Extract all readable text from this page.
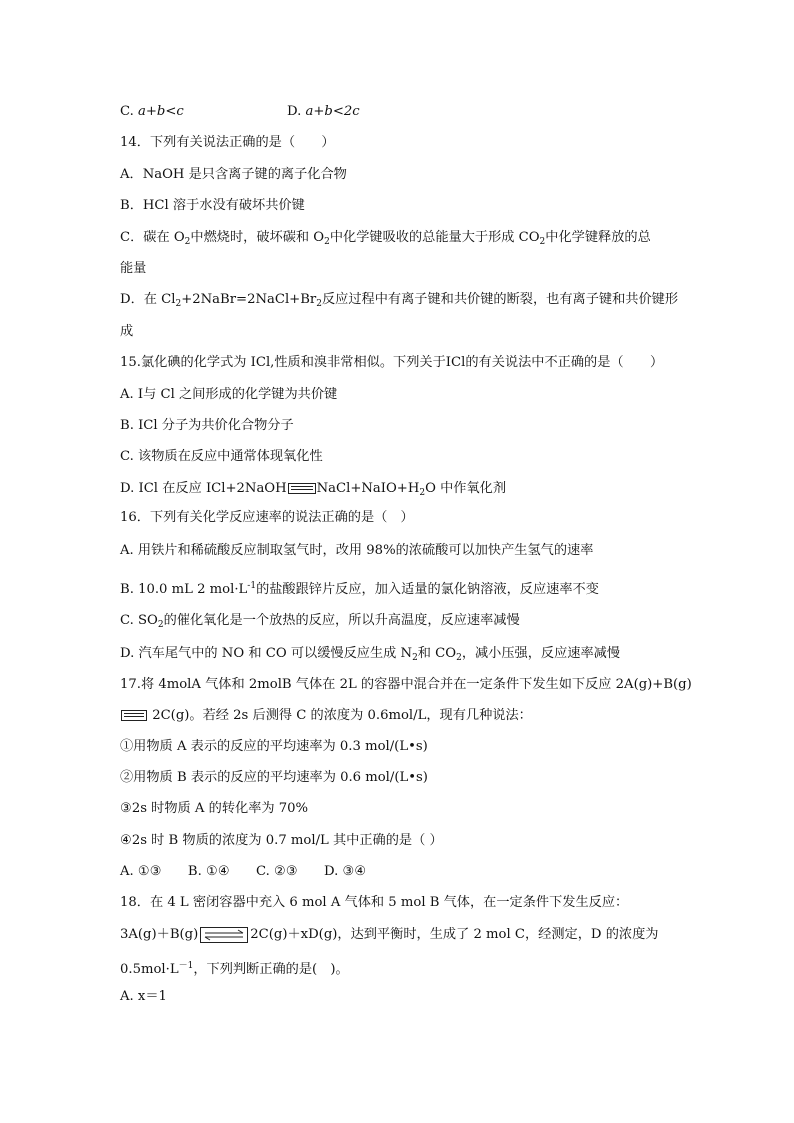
C. a+b<c	D. a+b<2c
14．下列有关说法正确的是（　　）
A．NaOH 是只含离子键的离子化合物
B．HCl 溶于水没有破坏共价键
C．碳在 $O_2$中燃烧时，破坏碳和 $O_2$中化学键吸收的总能量大于形成 $CO_2$中化学键释放的总
能量
D．在 $Cl_2+2NaBr=2NaCl+Br_2$反应过程中有离子键和共价键的断裂，也有离子键和共价键形
成
15.氯化碘的化学式为 ICl,性质和溴非常相似。下列关于ICl的有关说法中不正确的是（　　）
A. I与 Cl 之间形成的化学键为共价键
B. ICl 分子为共价化合物分子
C. 该物质在反应中通常体现氧化性
D. ICl 在反应 ICl+2NaOH $NaCl+NaIO+H_2O$ 中作氧化剂
16．下列有关化学反应速率的说法正确的是（　）
A. 用铁片和稀硫酸反应制取氢气时，改用 98%的浓硫酸可以加快产生氢气的速率
B. 10.0 mL 2 $mol\cdot L^{-1}$的盐酸跟锌片反应，加入适量的氯化钠溶液，反应速率不变
C. $SO_2$的催化氧化是一个放热的反应，所以升高温度，反应速率减慢
D. 汽车尾气中的 NO 和 CO 可以缓慢反应生成 $N_2$和 $CO_2$，减小压强，反应速率减慢
17.将 4molA 气体和 2molB 气体在 2L 的容器中混合并在一定条件下发生如下反应 2A(g)+B(g)
2C(g)。若经 2s 后测得 C 的浓度为 0.6mol/L，现有几种说法：
①用物质 A 表示的反应的平均速率为 0.3 mol/(L•s)
②用物质 B 表示的反应的平均速率为 0.6 mol/(L•s)
③2s 时物质 A 的转化率为 70%
④2s 时 B 物质的浓度为 0.7 mol/L 其中正确的是（ ）
A. ①③　　B. ①④　　C. ②③　　D. ③④
18．在 4 L 密闭容器中充入 6 mol A 气体和 5 mol B 气体，在一定条件下发生反应：
3A(g)＋B(g)	2C(g)＋xD(g)，达到平衡时，生成了 2 mol C，经测定，D 的浓度为
$0.5mol\cdot L^{-1}$，下列判断正确的是(　)。
A. x＝1
